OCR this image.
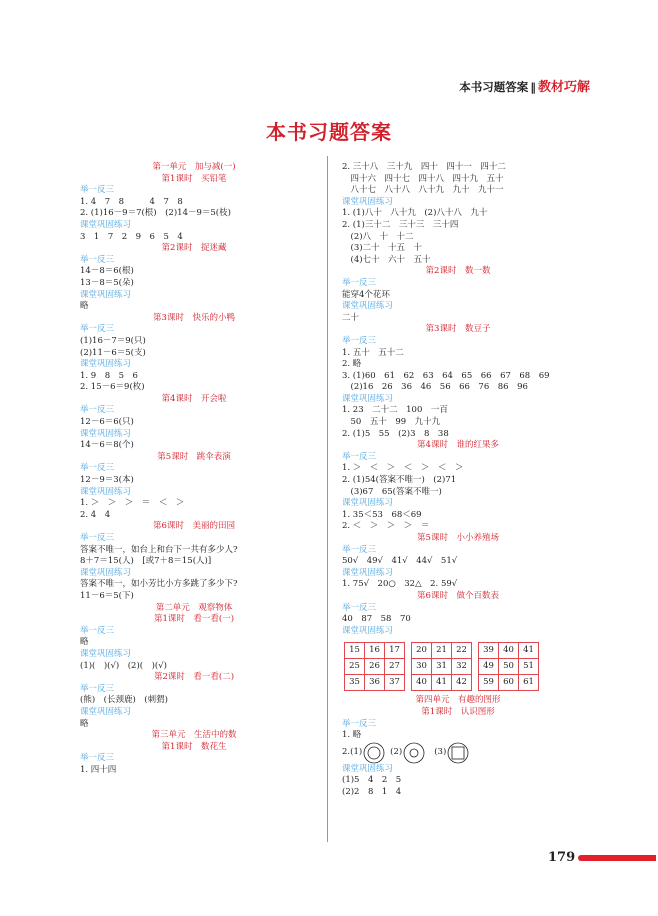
本书习题答案 ‖ 教材巧解
本书习题答案
第一单元　加与减(一)
第1课时　买铅笔
举一反三
1. 4　7　8　　　4　7　8
2. (1)16－9＝7(根)　(2)14－9＝5(枝)
课堂巩固练习
3　1　7　2　9　6　5　4
第2课时　捉迷藏
举一反三
14－8＝6(根)
13－8＝5(朵)
课堂巩固练习
略
第3课时　快乐的小鸭
举一反三
(1)16－7＝9(只)
(2)11－6＝5(支)
课堂巩固练习
1. 9　8　5　6
2. 15－6＝9(枚)
第4课时　开会啦
举一反三
12－6＝6(只)
课堂巩固练习
14－6＝8(个)
第5课时　跳伞表演
举一反三
12－9＝3(本)
课堂巩固练习
1. ＞　＞　＞　＝　＜　＞
2. 4　4
第6课时　美丽的田园
举一反三
答案不唯一，如台上和台下一共有多少人?
8＋7＝15(人)　[或7＋8＝15(人)]
课堂巩固练习
答案不唯一，如小芳比小方多跳了多少下?
11－6＝5(下)
第二单元　观察物体
第1课时　看一看(一)
举一反三
略
课堂巩固练习
(1)(　)(√)　(2)(　)(√)
第2课时　看一看(二)
举一反三
(熊)　(长颈鹿)　(刺猬)
课堂巩固练习
略
第三单元　生活中的数
第1课时　数花生
举一反三
1. 四十四
2. 三十八　三十九　四十　四十一　四十二
　四十六　四十七　四十八　四十九　五十
　八十七　八十八　八十九　九十　九十一
课堂巩固练习
1. (1)八十　八十九　(2)八十八　九十
2. (1)三十二　三十三　三十四
　(2)八　十　十二
　(3)二十　十五　十
　(4)七十　六十　五十
第2课时　数一数
举一反三
能穿4个花环
课堂巩固练习
二十
第3课时　数豆子
举一反三
1. 五十　五十二
2. 略
3. (1)60　61　62　63　64　65　66　67　68　69
　(2)16　26　36　46　56　66　76　86　96
课堂巩固练习
1. 23　二十二　100　一百
　50　五十　99　九十九
2. (1)5　55　(2)3　8　38
第4课时　谁的红果多
举一反三
1. ＞　＜　＞　＜　＞　＜　＞
2. (1)54(答案不唯一)　(2)71
　(3)67　65(答案不唯一)
课堂巩固练习
1. 35＜53　68＜69
2. ＜　＞　＞　＞　＝
第5课时　小小养殖场
举一反三
50√　49√　41√　44√　51√
课堂巩固练习
1. 75√　20○　32△　2. 59√
第6课时　做个百数表
举一反三
40　87　58　70
课堂巩固练习
15	16	17
25	26	27
35	36	37
20	21	22
30	31	32
40	41	42
39	40	41
49	50	51
59	60	61
第四单元　有趣的图形
第1课时　认识图形
举一反三
1. 略
2. (1)	(2)	(3)
课堂巩固练习
(1)5　4　2　5
(2)2　8　1　4
179
